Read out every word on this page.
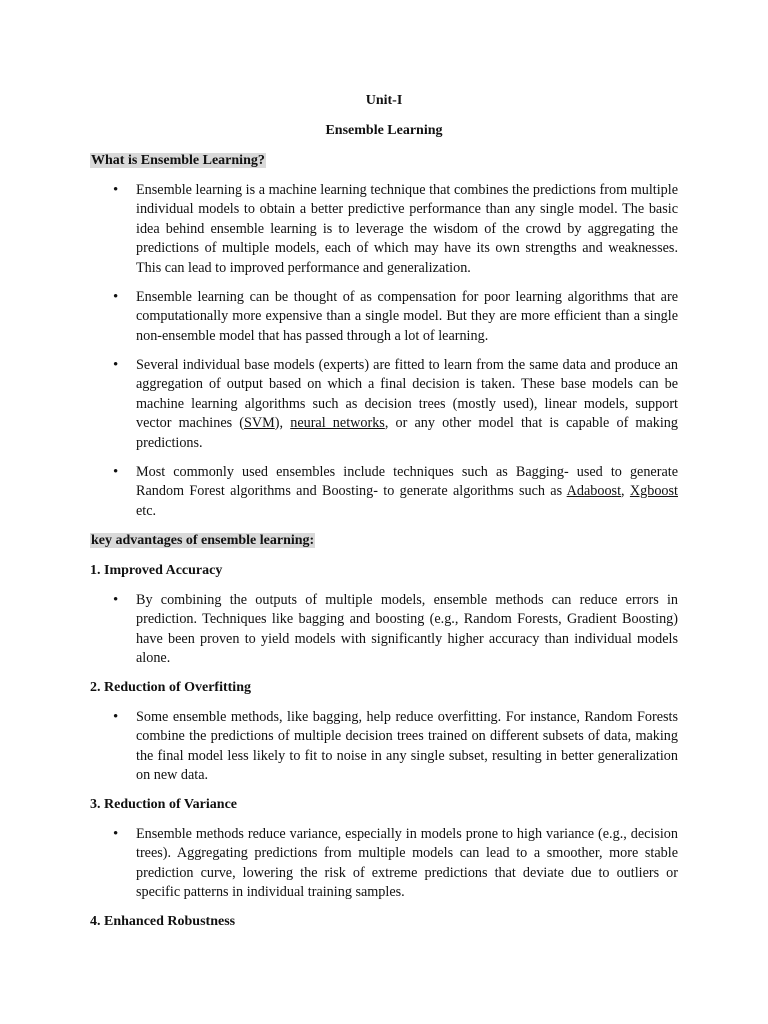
Unit-I
Ensemble Learning
What is Ensemble Learning?
• Ensemble learning is a machine learning technique that combines the predictions from multiple individual models to obtain a better predictive performance than any single model. The basic idea behind ensemble learning is to leverage the wisdom of the crowd by aggregating the predictions of multiple models, each of which may have its own strengths and weaknesses. This can lead to improved performance and generalization.
• Ensemble learning can be thought of as compensation for poor learning algorithms that are computationally more expensive than a single model. But they are more efficient than a single non-ensemble model that has passed through a lot of learning.
• Several individual base models (experts) are fitted to learn from the same data and produce an aggregation of output based on which a final decision is taken. These base models can be machine learning algorithms such as decision trees (mostly used), linear models, support vector machines (SVM), neural networks, or any other model that is capable of making predictions.
• Most commonly used ensembles include techniques such as Bagging- used to generate Random Forest algorithms and Boosting- to generate algorithms such as Adaboost, Xgboost etc.
key advantages of ensemble learning:
1. Improved Accuracy
• By combining the outputs of multiple models, ensemble methods can reduce errors in prediction. Techniques like bagging and boosting (e.g., Random Forests, Gradient Boosting) have been proven to yield models with significantly higher accuracy than individual models alone.
2. Reduction of Overfitting
• Some ensemble methods, like bagging, help reduce overfitting. For instance, Random Forests combine the predictions of multiple decision trees trained on different subsets of data, making the final model less likely to fit to noise in any single subset, resulting in better generalization on new data.
3. Reduction of Variance
• Ensemble methods reduce variance, especially in models prone to high variance (e.g., decision trees). Aggregating predictions from multiple models can lead to a smoother, more stable prediction curve, lowering the risk of extreme predictions that deviate due to outliers or specific patterns in individual training samples.
4. Enhanced Robustness
